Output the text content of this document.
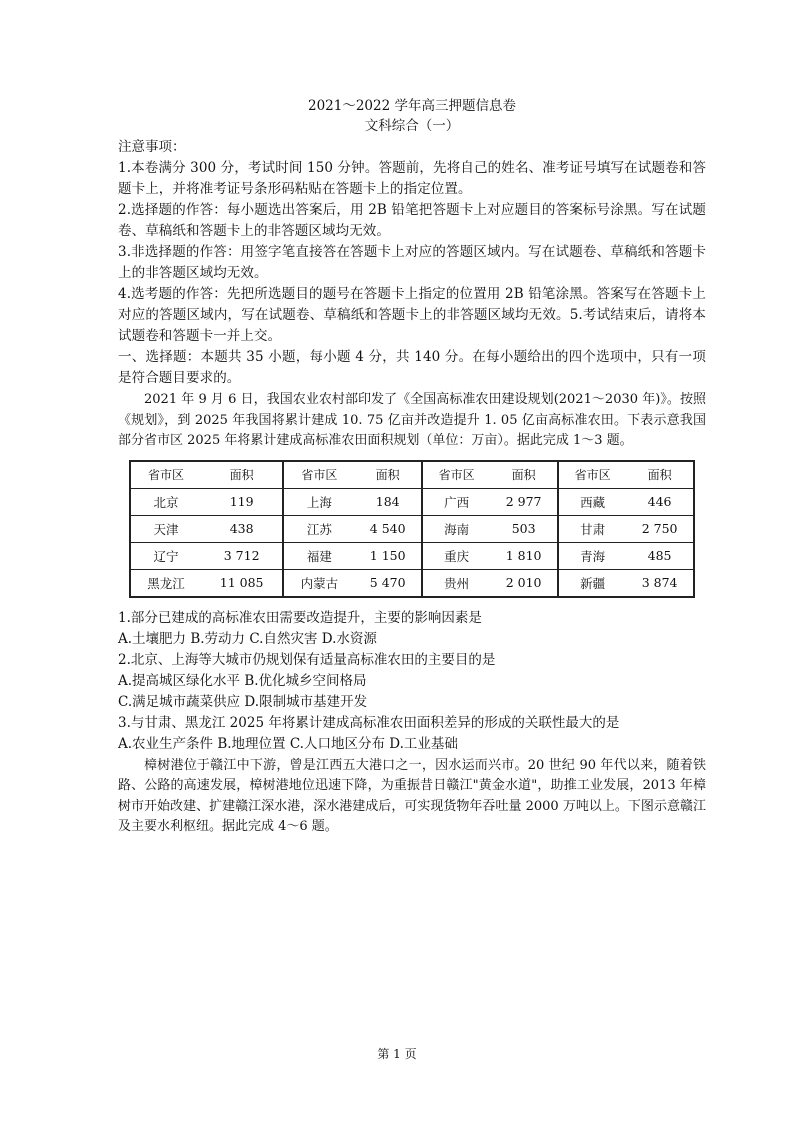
2021～2022 学年高三押题信息卷
文科综合（一）
注意事项：
1.本卷满分 300 分，考试时间 150 分钟。答题前，先将自己的姓名、准考证号填写在试题卷和答题卡上，并将准考证号条形码粘贴在答题卡上的指定位置。
2.选择题的作答：每小题选出答案后，用 2B 铅笔把答题卡上对应题目的答案标号涂黑。写在试题卷、草稿纸和答题卡上的非答题区域均无效。
3.非选择题的作答：用签字笔直接答在答题卡上对应的答题区域内。写在试题卷、草稿纸和答题卡上的非答题区域均无效。
4.选考题的作答：先把所选题目的题号在答题卡上指定的位置用 2B 铅笔涂黑。答案写在答题卡上对应的答题区域内，写在试题卷、草稿纸和答题卡上的非答题区域均无效。5.考试结束后，请将本试题卷和答题卡一并上交。
一、选择题：本题共 35 小题，每小题 4 分，共 140 分。在每小题给出的四个选项中，只有一项是符合题目要求的。
2021 年 9 月 6 日，我国农业农村部印发了《全国高标准农田建设规划(2021～2030 年)》。按照《规划》，到 2025 年我国将累计建成 10. 75 亿亩并改造提升 1. 05 亿亩高标准农田。下表示意我国部分省市区 2025 年将累计建成高标准农田面积规划（单位：万亩）。据此完成 1～3 题。
省市区	面积	省市区	面积	省市区	面积	省市区	面积
北京	119	上海	184	广西	2 977	西藏	446
天津	438	江苏	4 540	海南	503	甘肃	2 750
辽宁	3 712	福建	1 150	重庆	1 810	青海	485
黑龙江	11 085	内蒙古	5 470	贵州	2 010	新疆	3 874
1.部分已建成的高标准农田需要改造提升，主要的影响因素是
A.土壤肥力 B.劳动力 C.自然灾害 D.水资源
2.北京、上海等大城市仍规划保有适量高标准农田的主要目的是
A.提高城区绿化水平 B.优化城乡空间格局
C.满足城市蔬菜供应 D.限制城市基建开发
3.与甘肃、黑龙江 2025 年将累计建成高标准农田面积差异的形成的关联性最大的是
A.农业生产条件 B.地理位置 C.人口地区分布 D.工业基础
樟树港位于赣江中下游，曾是江西五大港口之一，因水运而兴市。20 世纪 90 年代以来，随着铁路、公路的高速发展，樟树港地位迅速下降，为重振昔日赣江"黄金水道"，助推工业发展，2013 年樟树市开始改建、扩建赣江深水港，深水港建成后，可实现货物年吞吐量 2000 万吨以上。下图示意赣江及主要水利枢纽。据此完成 4～6 题。
第 1 页
